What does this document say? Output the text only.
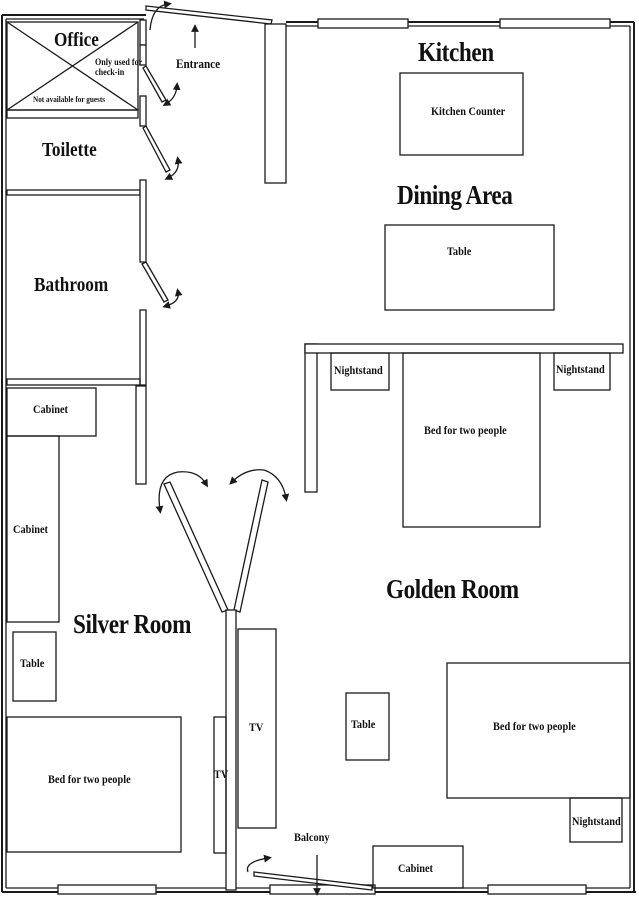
Office
Only used for
check-in
Not available for guests
Entrance
Toilette
Bathroom
Kitchen
Dining Area
Golden Room
Silver Room
Balcony
Kitchen Counter
Table
Nightstand	Nightstand
Bed for two people
Bed for two people
Nightstand
Table
TV
TV
Cabinet
Cabinet
Table
Bed for two people
Cabinet
